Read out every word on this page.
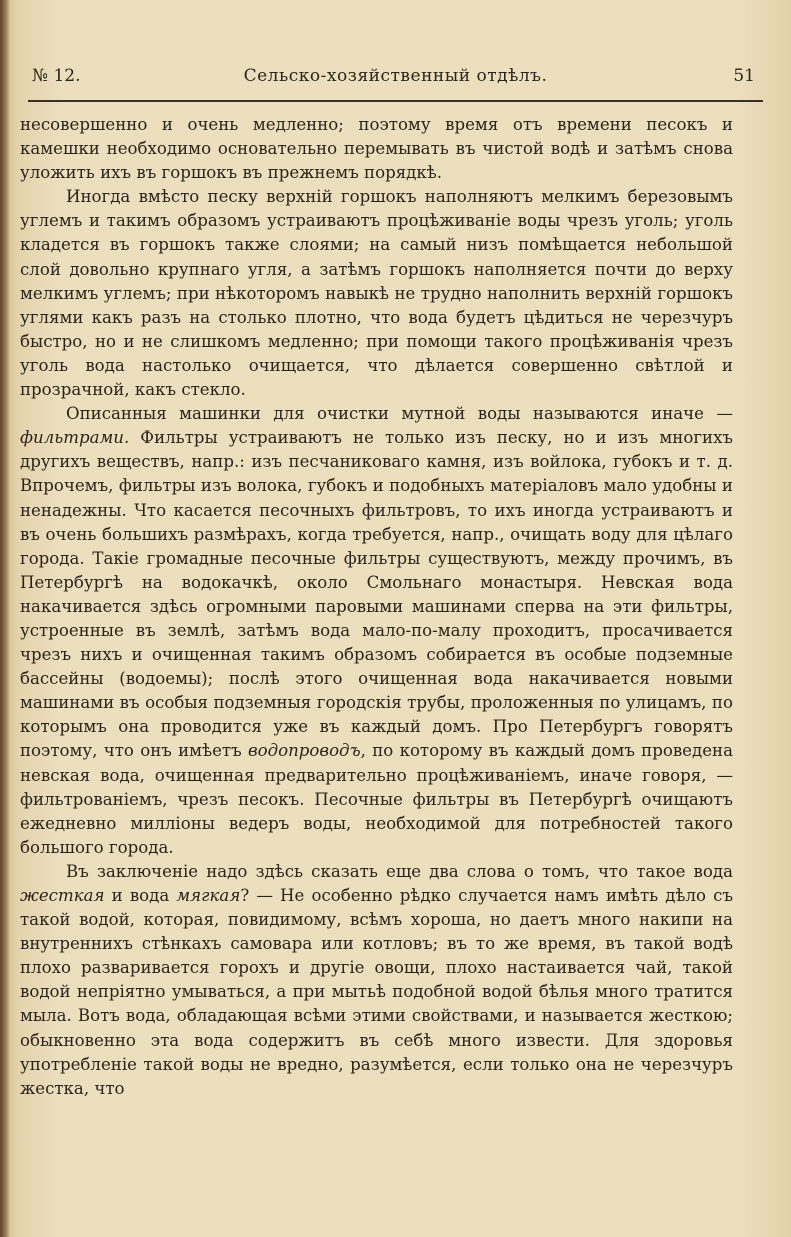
Сельско-хозяйственный отдѣлъ.
№ 12.	51

несовершенно и очень медленно; поэтому время отъ времени песокъ и камешки необходимо основательно перемывать въ чистой водѣ и затѣмъ снова уложить ихъ въ горшокъ въ прежнемъ порядкѣ.

Иногда вмѣсто песку верхній горшокъ наполняютъ мелкимъ березовымъ углемъ и такимъ образомъ устраиваютъ процѣживаніе воды чрезъ уголь; уголь кладется въ горшокъ также слоями; на самый низъ помѣщается небольшой слой довольно крупнаго угля, а затѣмъ горшокъ наполняется почти до верху мелкимъ углемъ; при нѣкоторомъ навыкѣ не трудно наполнить верхній горшокъ углями какъ разъ на столько плотно, что вода будетъ цѣдиться не черезчуръ быстро, но и не слишкомъ медленно; при помощи такого процѣживанія чрезъ уголь вода настолько очищается, что дѣлается совершенно свѣтлой и прозрачной, какъ стекло.

Описанныя машинки для очистки мутной воды называются иначе —фильтрами. Фильтры устраиваютъ не только изъ песку, но и изъ многихъ другихъ веществъ, напр.: изъ песчаниковаго камня, изъ войлока, губокъ и т. д. Впрочемъ, фильтры изъ волока, губокъ и подобныхъ матеріаловъ мало удобны и ненадежны. Что касается песочныхъ фильтровъ, то ихъ иногда устраиваютъ и въ очень большихъ размѣрахъ, когда требуется, напр., очищать воду для цѣлаго города. Такіе громадные песочные фильтры существуютъ, между прочимъ, въ Петербургѣ на водокачкѣ, около Смольнаго монастыря. Невская вода накачивается здѣсь огромными паровыми машинами сперва на эти фильтры, устроенные въ землѣ, затѣмъ вода мало-по-малу проходитъ, просачивается чрезъ нихъ и очищенная такимъ образомъ собирается въ особые подземные бассейны (водоемы); послѣ этого очищенная вода накачивается новыми машинами въ особыя подземныя городскія трубы, проложенныя по улицамъ, по которымъ она проводится уже въ каждый домъ. Про Петербургъ говорятъ поэтому, что онъ имѣетъ водопроводъ, по которому въ каждый домъ проведена невская вода, очищенная предварительно процѣживаніемъ, иначе говоря, — фильтрованіемъ, чрезъ песокъ. Песочные фильтры въ Петербургѣ очищаютъ ежедневно милліоны ведеръ воды, необходимой для потребностей такого большого города.

Въ заключеніе надо здѣсь сказать еще два слова о томъ, что такое вода жесткая и вода мягкая? — Не особенно рѣдко случается намъ имѣть дѣло съ такой водой, которая, повидимому, всѣмъ хороша, но даетъ много накипи на внутреннихъ стѣнкахъ самовара или котловъ; въ то же время, въ такой водѣ плохо разваривается горохъ и другіе овощи, плохо настаивается чай, такой водой непріятно умываться, а при мытьѣ подобной водой бѣлья много тратится мыла. Вотъ вода, обладающая всѣми этими свойствами, и называется жесткою; обыкновенно эта вода содержитъ въ себѣ много извести. Для здоровья употребленіе такой воды не вредно, разумѣется, если только она не черезчуръ жестка, что
